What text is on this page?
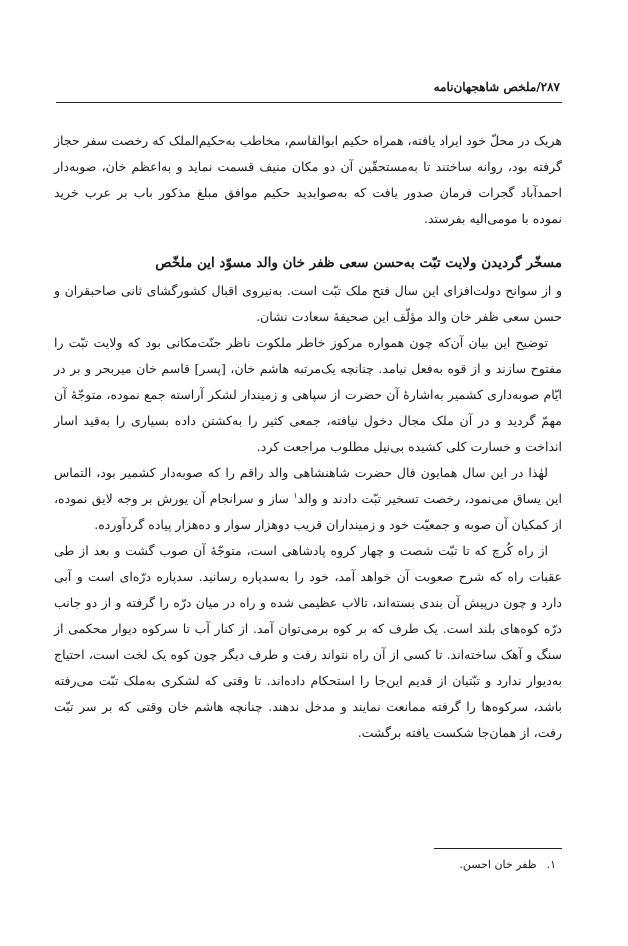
۲۸۷/ملخص شاهجهان‌نامه

هریک در محلّ خود ایراد یافته، همراه حکیم ابوالقاسم، مخاطب به‌حکیم‌الملک که رخصت سفر حجاز گرفته بود، روانه ساختند تا به‌مستحقّین آن دو مکان منیف قسمت نماید و به‌اعظم خان، صوبه‌دار احمدآباد گجرات فرمان صدور یافت که به‌صوابدید حکیم موافق مبلغ مذکور باب بر عرب خرید نموده با مومی‌الیه بفرستد.

مسخّر گردیدن ولایت تبّت به‌حسن سعی ظفر خان والد مسوّد این ملخّص

و از سوانح دولت‌افزای این سال فتح ملک تبّت است. به‌نیروی اقبال کشورگشای ثانی صاحبقران و حسن سعی ظفر خان والد مؤلّف این صحیفهٔ سعادت نشان.

توضیح این بیان آن‌که چون همواره مرکوز خاطر ملکوت ناظر جنّت‌مکانی بود که ولایت تبّت را مفتوح سازند و از قوه به‌فعل نیامد. چنانچه یک‌مرتبه هاشم خان، [پسر] قاسم خان میربحر و بر در ایّام صوبه‌داری کشمیر به‌اشارهٔ آن حضرت از سپاهی و زمیندار لشکر آراسته جمع نموده، متوجّهٔ آن مهمّ گردید و در آن ملک مجال دخول نیافته، جمعی کثیر را به‌کشتن داده بسیاری را به‌قید اسار انداخت و خسارت کلی کشیده بی‌نیل مطلوب مراجعت کرد.

لهٰذا در این سال همایون فال حضرت شاهنشاهی والد راقم را که صوبه‌دار کشمیر بود، التماس این یساق می‌نمود، رخصت تسخیر تبّت دادند و والد$^۱$ ساز و سرانجام آن یورش بر وجه لایق نموده، از کمکیان آن صوبه و جمعیّت خود و زمینداران قریب دوهزار سوار و ده‌هزار پیاده گردآورده.

از راه کُرچ که تا تبّت شصت و چهار کروه پادشاهی است، متوجّهٔ آن صوب گشت و بعد از طی عقبات راه که شرح صعوبت آن خواهد آمد، خود را به‌سدپاره رسانید. سدپاره درّه‌ای است و آبی دارد و چون درپیش آن بندی بسته‌اند، تالاب عظیمی شده و راه در میان درّه را گرفته و از دو جانب درّه کوه‌های بلند است. یک طرف که بر کوه برمی‌توان آمد. از کنار آب تا سرکوه دیوار محکمی از سنگ و آهک ساخته‌اند. تا کسی از آن راه نتواند رفت و طرف دیگر چون کوه یک لخت است، احتیاج به‌دیوار ندارد و تبّتیان از قدیم این‌جا را استحکام داده‌اند. تا وقتی که لشکری به‌ملک تبّت می‌رفته باشد، سرکوه‌ها را گرفته ممانعت نمایند و مدخل ندهند. چنانچه هاشم خان وقتی که بر سر تبّت رفت، از همان‌جا شکست یافته برگشت.

۱.ظفر خان احسن.
